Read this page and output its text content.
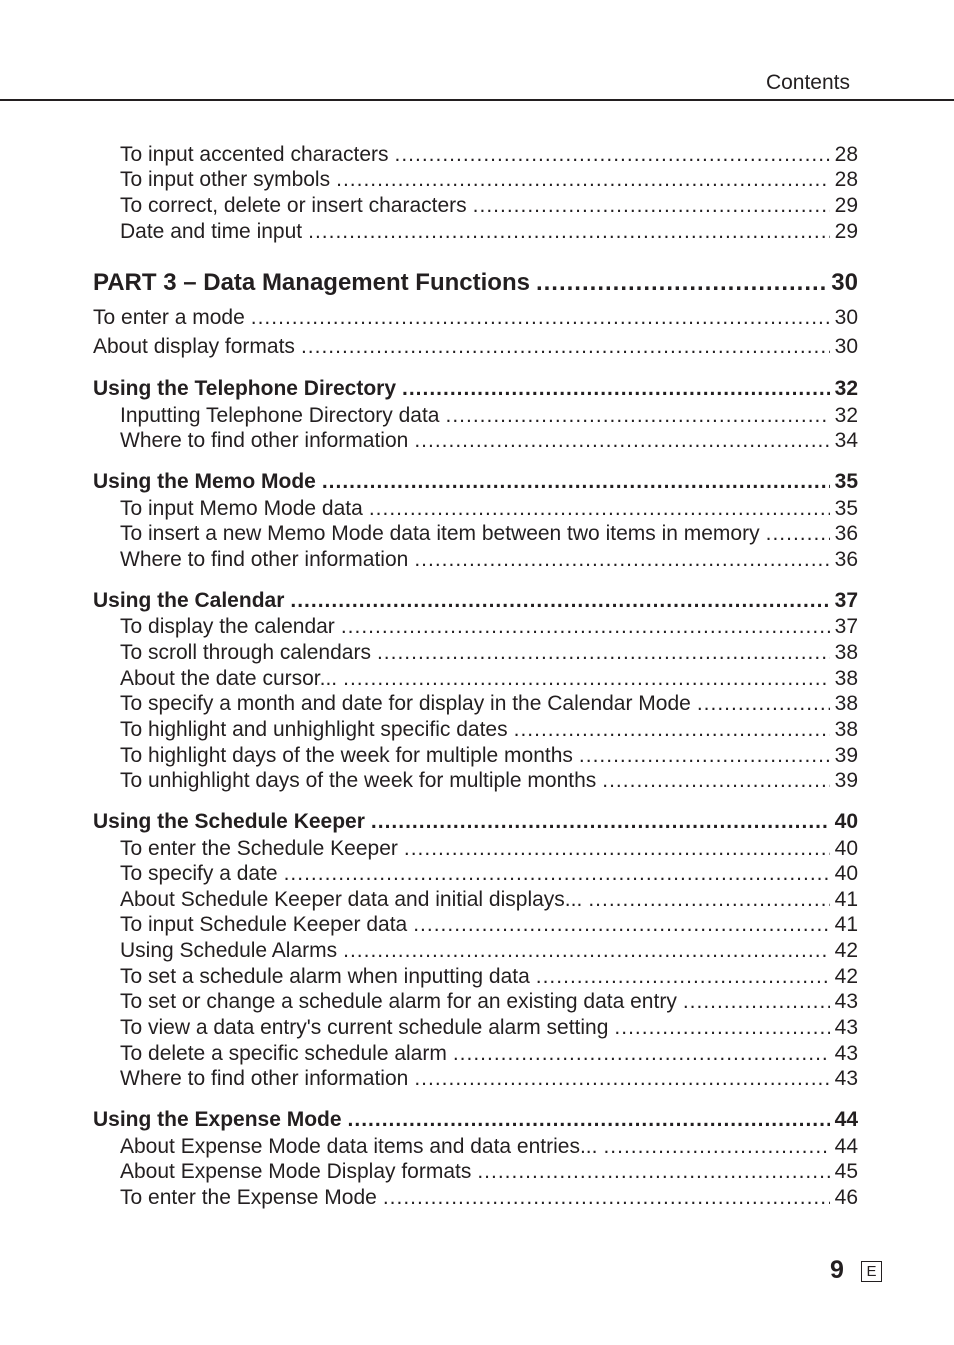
Contents
To input accented characters .....	28
To input other symbols .....	28
To correct, delete or insert characters .....	29
Date and time input .....	29
PART 3 – Data Management Functions .....	30
To enter a mode .....	30
About display formats .....	30
Using the Telephone Directory .....	32
Inputting Telephone Directory data .....	32
Where to find other information .....	34
Using the Memo Mode .....	35
To input Memo Mode data .....	35
To insert a new Memo Mode data item between two items in memory .....	36
Where to find other information .....	36
Using the Calendar .....	37
To display the calendar .....	37
To scroll through calendars .....	38
About the date cursor... .....	38
To specify a month and date for display in the Calendar Mode .....	38
To highlight and unhighlight specific dates .....	38
To highlight days of the week for multiple months .....	39
To unhighlight days of the week for multiple months .....	39
Using the Schedule Keeper .....	40
To enter the Schedule Keeper .....	40
To specify a date .....	40
About Schedule Keeper data and initial displays... .....	41
To input Schedule Keeper data .....	41
Using Schedule Alarms .....	42
To set a schedule alarm when inputting data .....	42
To set or change a schedule alarm for an existing data entry .....	43
To view a data entry's current schedule alarm setting .....	43
To delete a specific schedule alarm .....	43
Where to find other information .....	43
Using the Expense Mode .....	44
About Expense Mode data items and data entries... .....	44
About Expense Mode Display formats .....	45
To enter the Expense Mode .....	46
9	E
